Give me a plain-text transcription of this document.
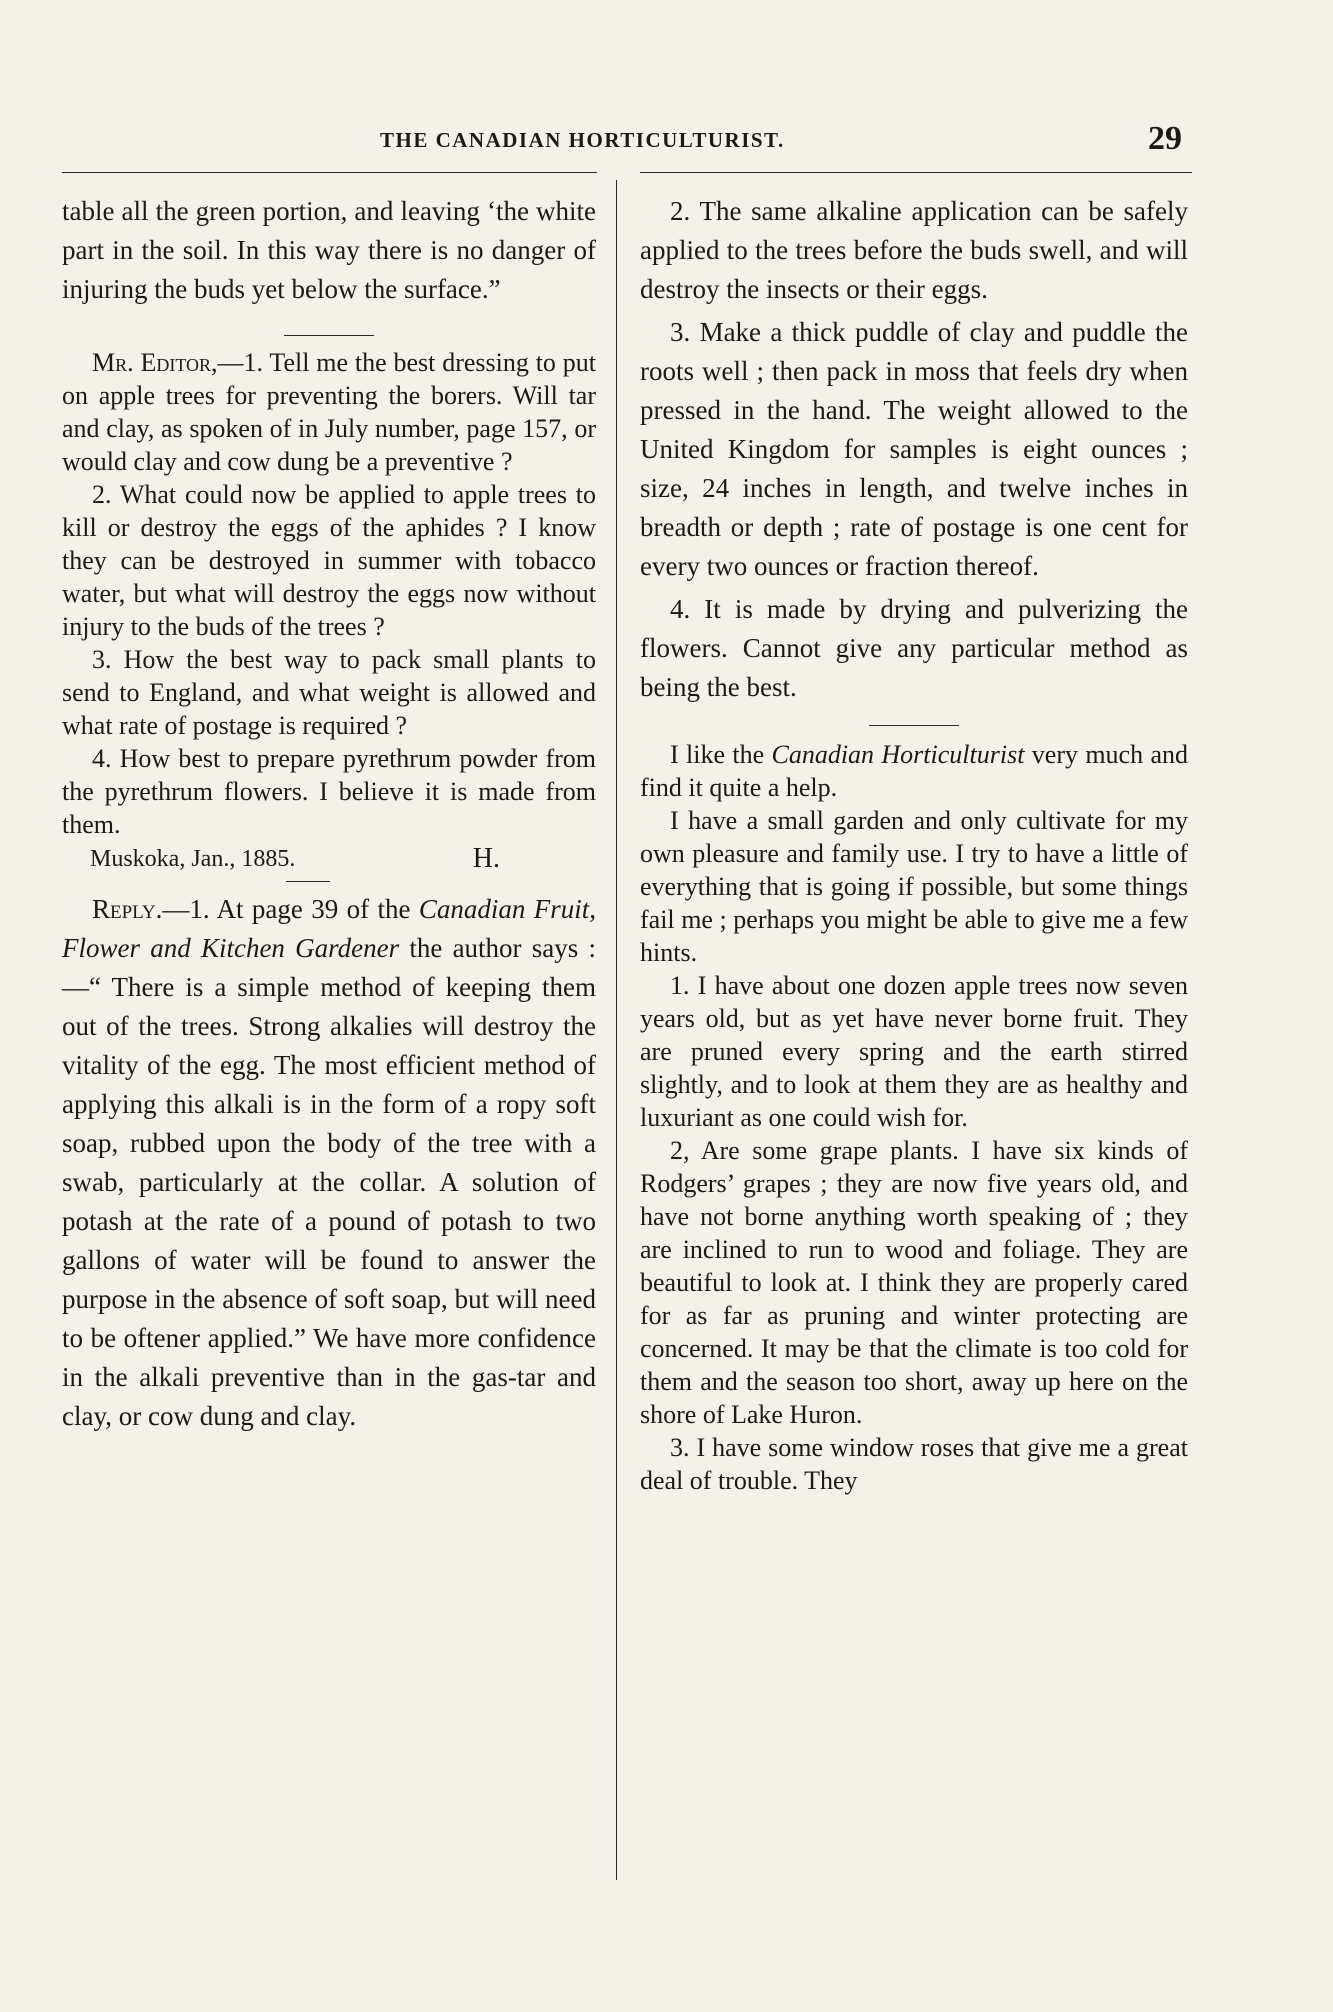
THE CANADIAN HORTICULTURIST.	29

table all the green portion, and leaving ‘the white part in the soil. In this way there is no danger of injuring the buds yet below the surface.”

Mr. Editor,—1. Tell me the best dressing to put on apple trees for preventing the borers. Will tar and clay, as spoken of in July number, page 157, or would clay and cow dung be a preventive ?

2. What could now be applied to apple trees to kill or destroy the eggs of the aphides ? I know they can be destroyed in summer with tobacco water, but what will destroy the eggs now without injury to the buds of the trees ?

3. How the best way to pack small plants to send to England, and what weight is allowed and what rate of postage is required ?

4. How best to prepare pyrethrum powder from the pyrethrum flowers. I believe it is made from them.

Muskoka, Jan., 1885.	H.

Reply.—1. At page 39 of the Canadian Fruit, Flower and Kitchen Gardener the author says :—“ There is a simple method of keeping them out of the trees. Strong alkalies will destroy the vitality of the egg. The most efficient method of applying this alkali is in the form of a ropy soft soap, rubbed upon the body of the tree with a swab, particularly at the collar. A solution of potash at the rate of a pound of potash to two gallons of water will be found to answer the purpose in the absence of soft soap, but will need to be oftener applied.” We have more confidence in the alkali preventive than in the gas-tar and clay, or cow dung and clay.

2. The same alkaline application can be safely applied to the trees before the buds swell, and will destroy the insects or their eggs.

3. Make a thick puddle of clay and puddle the roots well ; then pack in moss that feels dry when pressed in the hand. The weight allowed to the United Kingdom for samples is eight ounces ; size, 24 inches in length, and twelve inches in breadth or depth ; rate of postage is one cent for every two ounces or fraction thereof.

4. It is made by drying and pulverizing the flowers. Cannot give any particular method as being the best.

I like the Canadian Horticulturist very much and find it quite a help.

I have a small garden and only cultivate for my own pleasure and family use. I try to have a little of everything that is going if possible, but some things fail me ; perhaps you might be able to give me a few hints.

1. I have about one dozen apple trees now seven years old, but as yet have never borne fruit. They are pruned every spring and the earth stirred slightly, and to look at them they are as healthy and luxuriant as one could wish for.

2, Are some grape plants. I have six kinds of Rodgers’ grapes ; they are now five years old, and have not borne anything worth speaking of ; they are inclined to run to wood and foliage. They are beautiful to look at. I think they are properly cared for as far as pruning and winter protecting are concerned. It may be that the climate is too cold for them and the season too short, away up here on the shore of Lake Huron.

3. I have some window roses that give me a great deal of trouble. They
